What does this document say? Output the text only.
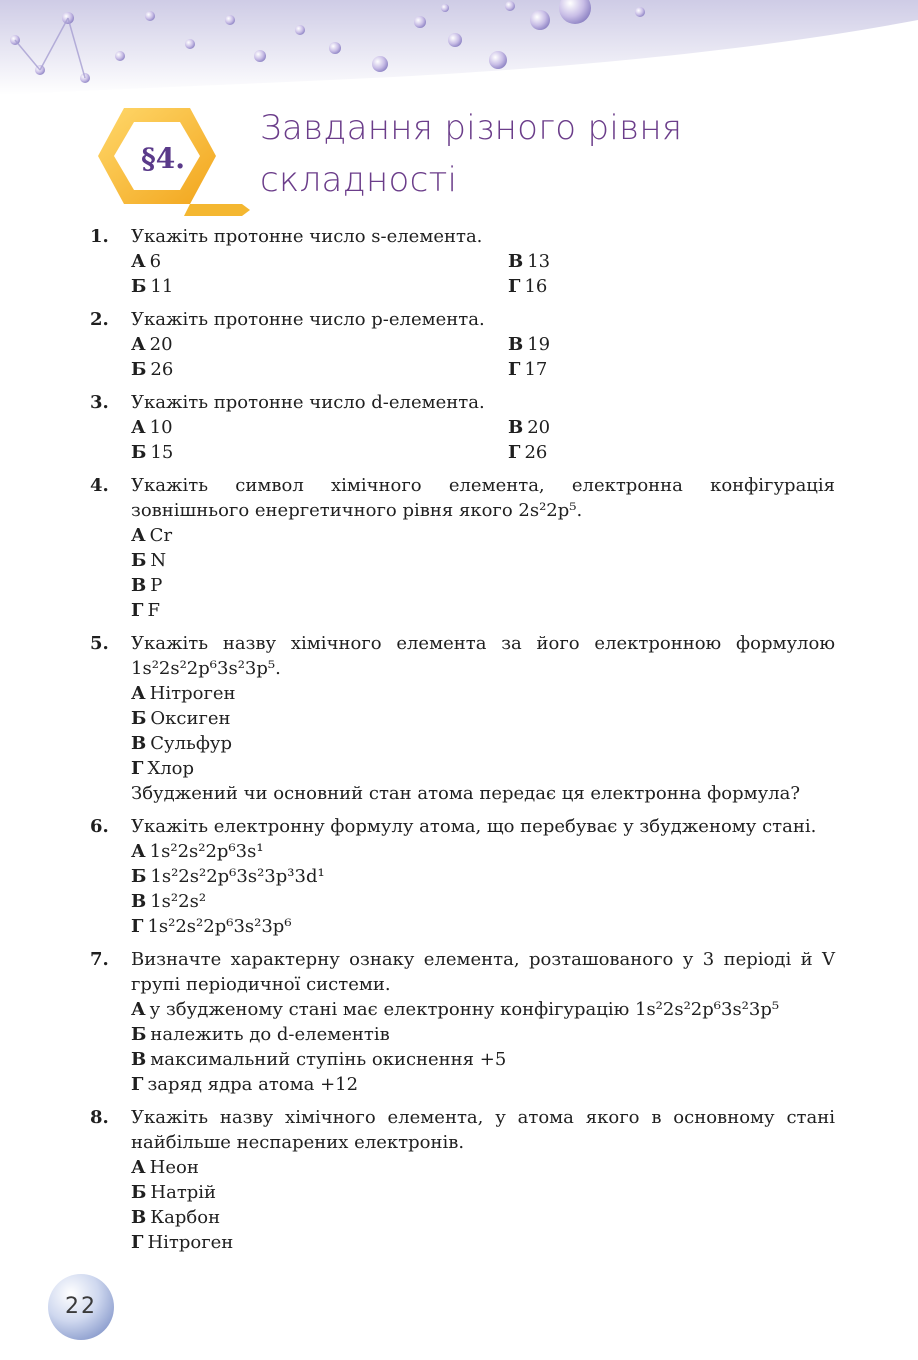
§4.
Завдання різного рівня
складності
1.	Укажіть протонне число s-елемента.
А 6	В 13
Б 11	Г 16
2.	Укажіть протонне число p-елемента.
А 20	В 19
Б 26	Г 17
3.	Укажіть протонне число d-елемента.
А 10	В 20
Б 15	Г 26
4.	Укажіть символ хімічного елемента, електронна конфігурація зовнішнього енергетичного рівня якого 2s²2p⁵.
А Cr
Б N
В P
Г F
5.	Укажіть назву хімічного елемента за його електронною формулою 1s²2s²2p⁶3s²3p⁵.
А Нітроген
Б Оксиген
В Сульфур
Г Хлор
Збуджений чи основний стан атома передає ця електронна формула?
6.	Укажіть електронну формулу атома, що перебуває у збудженому стані.
А 1s²2s²2p⁶3s¹
Б 1s²2s²2p⁶3s²3p³3d¹
В 1s²2s²
Г 1s²2s²2p⁶3s²3p⁶
7.	Визначте характерну ознаку елемента, розташованого у 3 періоді й V групі періодичної системи.
А у збудженому стані має електронну конфігурацію 1s²2s²2p⁶3s²3p⁵
Б належить до d-елементів
В максимальний ступінь окиснення +5
Г заряд ядра атома +12
8.	Укажіть назву хімічного елемента, у атома якого в основному стані найбільше неспарених електронів.
А Неон
Б Натрій
В Карбон
Г Нітроген
22
